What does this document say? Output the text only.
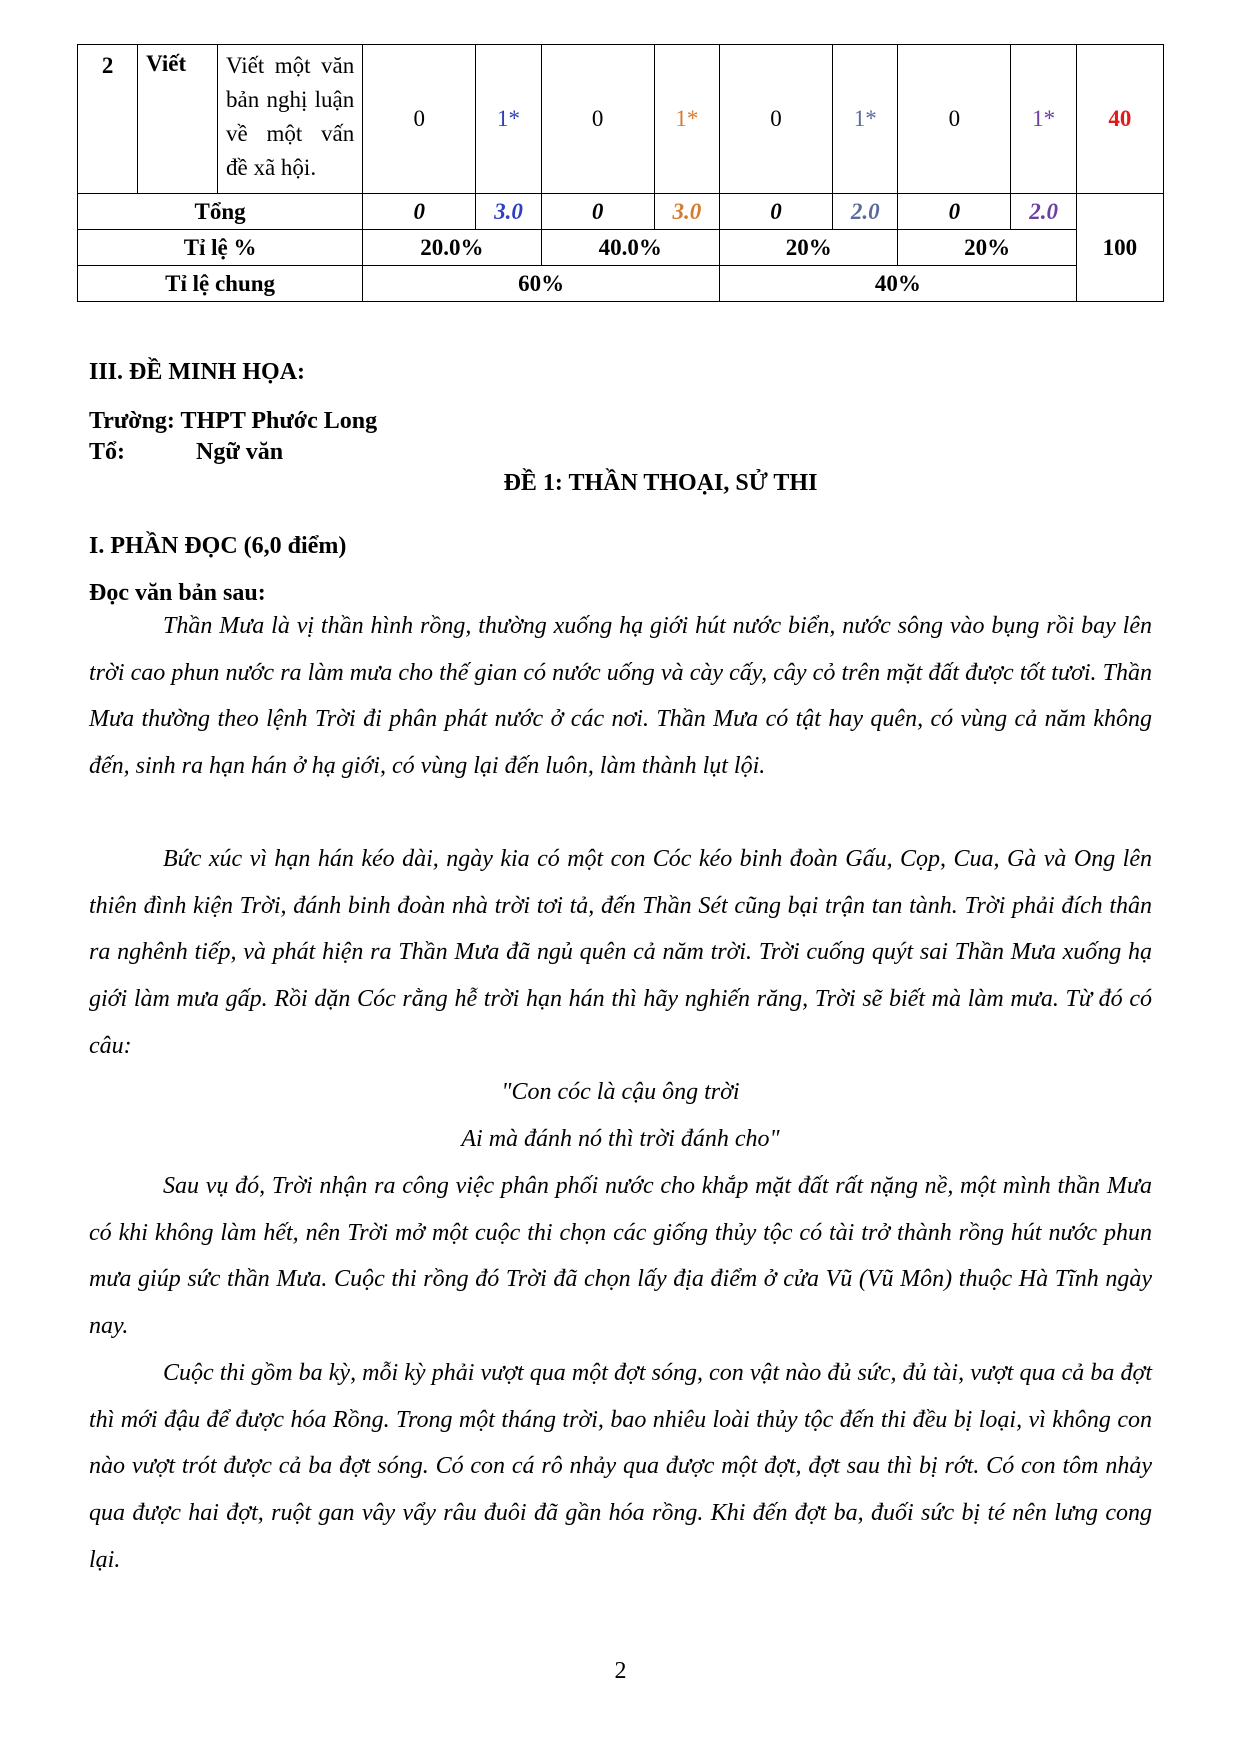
2	Viết	Viết một văn bản nghị luận về một vấn đề xã hội.	0	1*	0	1*	0	1*	0	1*	40
Tổng			0	3.0	0	3.0	0	2.0	0	2.0	100
Tỉ lệ %			20.0%		40.0%		20%		20%		
Tỉ lệ chung			60%				40%				
III. ĐỀ MINH HỌA:
Trường: THPT Phước Long
Tổ:	Ngữ văn
ĐỀ 1: THẦN THOẠI, SỬ THI
I. PHẦN ĐỌC (6,0 điểm)
Đọc văn bản sau:

Thần Mưa là vị thần hình rồng, thường xuống hạ giới hút nước biển, nước sông vào bụng rồi bay lên trời cao phun nước ra làm mưa cho thế gian có nước uống và cày cấy, cây cỏ trên mặt đất được tốt tươi. Thần Mưa thường theo lệnh Trời đi phân phát nước ở các nơi. Thần Mưa có tật hay quên, có vùng cả năm không đến, sinh ra hạn hán ở hạ giới, có vùng lại đến luôn, làm thành lụt lội.

Bức xúc vì hạn hán kéo dài, ngày kia có một con Cóc kéo binh đoàn Gấu, Cọp, Cua, Gà và Ong lên thiên đình kiện Trời, đánh binh đoàn nhà trời tơi tả, đến Thần Sét cũng bại trận tan tành. Trời phải đích thân ra nghênh tiếp, và phát hiện ra Thần Mưa đã ngủ quên cả năm trời. Trời cuống quýt sai Thần Mưa xuống hạ giới làm mưa gấp. Rồi dặn Cóc rằng hễ trời hạn hán thì hãy nghiến răng, Trời sẽ biết mà làm mưa. Từ đó có câu:

"Con cóc là cậu ông trời
Ai mà đánh nó thì trời đánh cho"

Sau vụ đó, Trời nhận ra công việc phân phối nước cho khắp mặt đất rất nặng nề, một mình thần Mưa có khi không làm hết, nên Trời mở một cuộc thi chọn các giống thủy tộc có tài trở thành rồng hút nước phun mưa giúp sức thần Mưa. Cuộc thi rồng đó Trời đã chọn lấy địa điểm ở cửa Vũ (Vũ Môn) thuộc Hà Tĩnh ngày nay.

Cuộc thi gồm ba kỳ, mỗi kỳ phải vượt qua một đợt sóng, con vật nào đủ sức, đủ tài, vượt qua cả ba đợt thì mới đậu để được hóa Rồng. Trong một tháng trời, bao nhiêu loài thủy tộc đến thi đều bị loại, vì không con nào vượt trót được cả ba đợt sóng. Có con cá rô nhảy qua được một đợt, đợt sau thì bị rớt. Có con tôm nhảy qua được hai đợt, ruột gan vây vẩy râu đuôi đã gần hóa rồng. Khi đến đợt ba, đuối sức bị té nên lưng cong lại.

2
